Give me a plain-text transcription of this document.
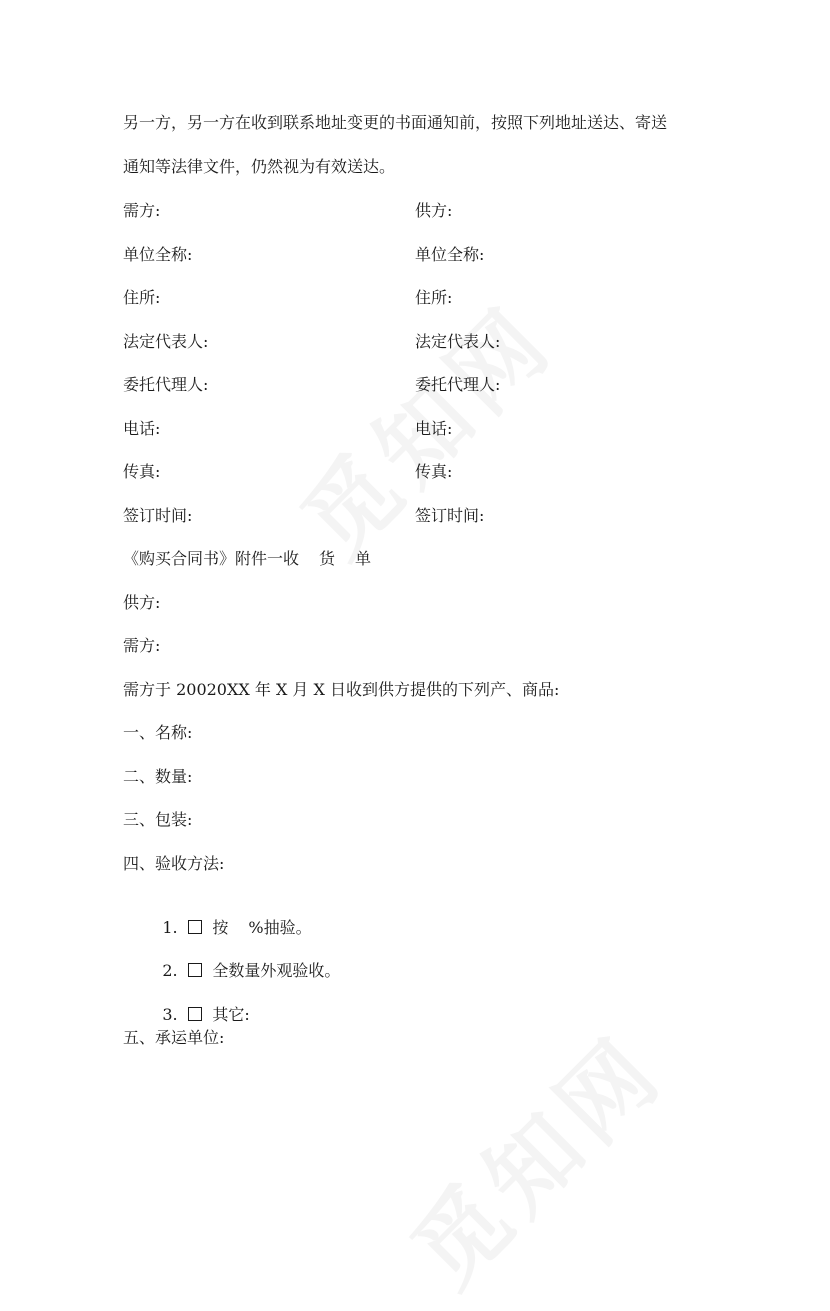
另一方，另一方在收到联系地址变更的书面通知前，按照下列地址送达、寄送
通知等法律文件，仍然视为有效送达。
需方:	供方:
单位全称:	单位全称:
住所:	住所:
法定代表人:	法定代表人:
委托代理人:	委托代理人:
电话:	电话:
传真:	传真:
签订时间:	签订时间:
《购买合同书》附件一收 货 单
供方:
需方:
需方于 20020XX 年 X 月 X 日收到供方提供的下列产、商品:
一、名称:
二、数量:
三、包装:
四、验收方法:

1. 按 %抽验。

2. 全数量外观验收。

3. 其它:

五、承运单位:
